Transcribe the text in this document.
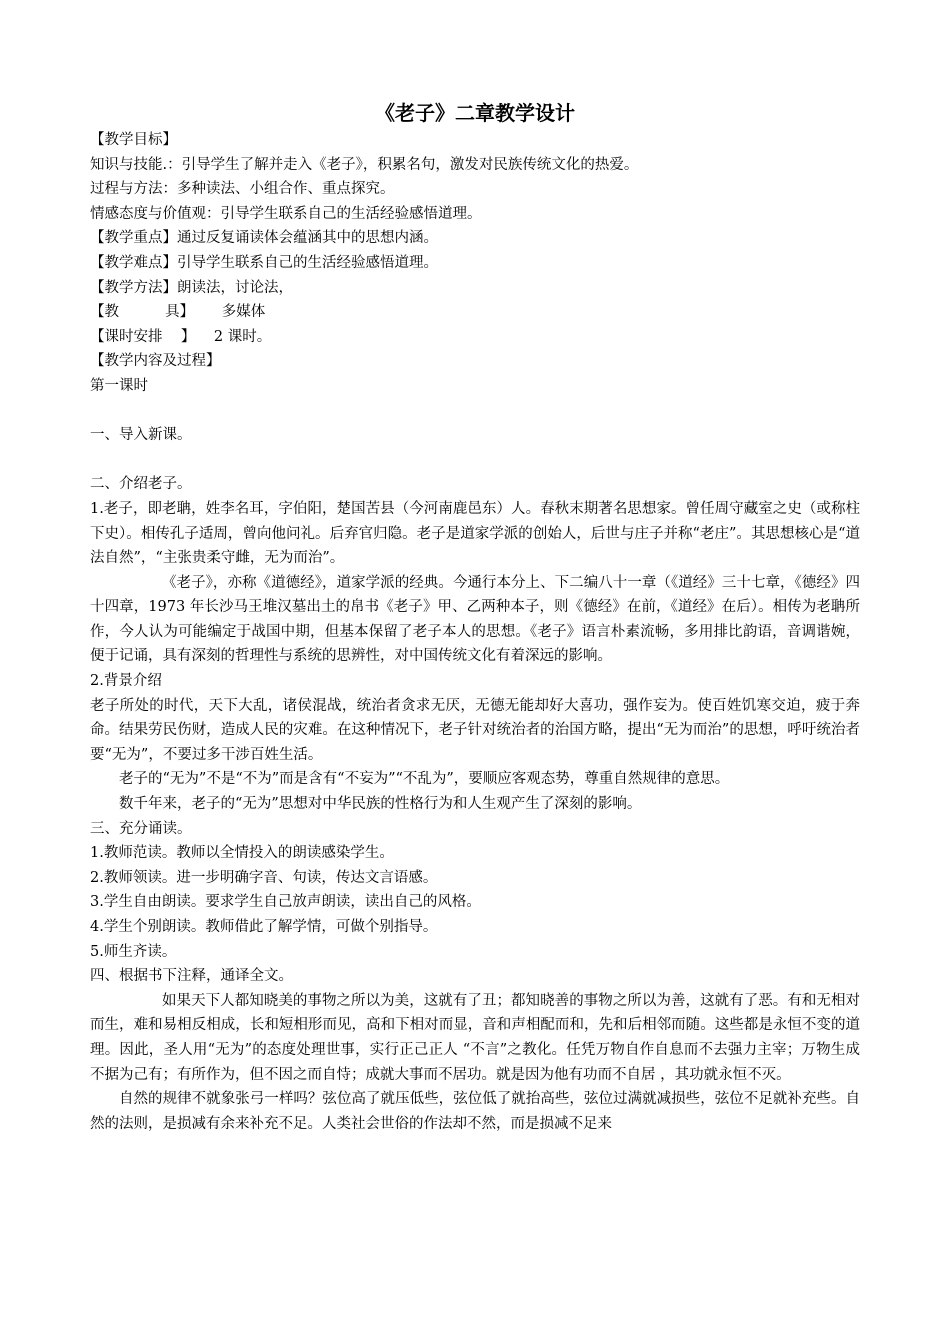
《老子》二章教学设计
【教学目标】
知识与技能.：引导学生了解并走入《老子》，积累名句，激发对民族传统文化的热爱。
过程与方法：多种读法、小组合作、重点探究。
情感态度与价值观：引导学生联系自己的生活经验感悟道理。
【教学重点】通过反复诵读体会蕴涵其中的思想内涵。
【教学难点】引导学生联系自己的生活经验感悟道理。
【教学方法】朗读法，讨论法，
【教          具】      多媒体
【课时安排    】    2 课时。
【教学内容及过程】
第一课时
一、导入新课。
二、介绍老子。

1.老子，即老聃，姓李名耳，字伯阳，楚国苦县（今河南鹿邑东）人。春秋末期著名思想家。曾任周守藏室之史（或称柱下史）。相传孔子适周，曾向他问礼。后弃官归隐。老子是道家学派的创始人，后世与庄子并称“老庄”。其思想核心是“道法自然”，“主张贵柔守雌，无为而治”。

《老子》，亦称《道德经》，道家学派的经典。今通行本分上、下二编八十一章（《道经》三十七章，《德经》四十四章，1973 年长沙马王堆汉墓出土的帛书《老子》甲、乙两种本子，则《德经》在前，《道经》在后）。相传为老聃所作，今人认为可能编定于战国中期，但基本保留了老子本人的思想。《老子》语言朴素流畅，多用排比韵语，音调谐婉，便于记诵，具有深刻的哲理性与系统的思辨性，对中国传统文化有着深远的影响。

2.背景介绍

老子所处的时代，天下大乱，诸侯混战，统治者贪求无厌，无德无能却好大喜功，强作妄为。使百姓饥寒交迫，疲于奔命。结果劳民伤财，造成人民的灾难。在这种情况下，老子针对统治者的治国方略，提出“无为而治”的思想，呼吁统治者要“无为”，不要过多干涉百姓生活。

老子的“无为”不是“不为”而是含有“不妄为”“不乱为”，要顺应客观态势，尊重自然规律的意思。

数千年来，老子的“无为”思想对中华民族的性格行为和人生观产生了深刻的影响。

三、充分诵读。
1.教师范读。教师以全情投入的朗读感染学生。
2.教师领读。进一步明确字音、句读，传达文言语感。
3.学生自由朗读。要求学生自己放声朗读，读出自己的风格。
4.学生个别朗读。教师借此了解学情，可做个别指导。
5.师生齐读。
四、根据书下注释，通译全文。

如果天下人都知晓美的事物之所以为美，这就有了丑；都知晓善的事物之所以为善，这就有了恶。有和无相对而生，难和易相反相成，长和短相形而见，高和下相对而显，音和声相配而和，先和后相邻而随。这些都是永恒不变的道理。因此，圣人用“无为”的态度处理世事，实行正己正人 “不言”之教化。任凭万物自作自息而不去强力主宰；万物生成不据为己有；有所作为，但不因之而自恃；成就大事而不居功。就是因为他有功而不自居 ，其功就永恒不灭。

自然的规律不就象张弓一样吗？弦位高了就压低些，弦位低了就抬高些，弦位过满就减损些，弦位不足就补充些。自然的法则，是损减有余来补充不足。人类社会世俗的作法却不然，而是损减不足来
